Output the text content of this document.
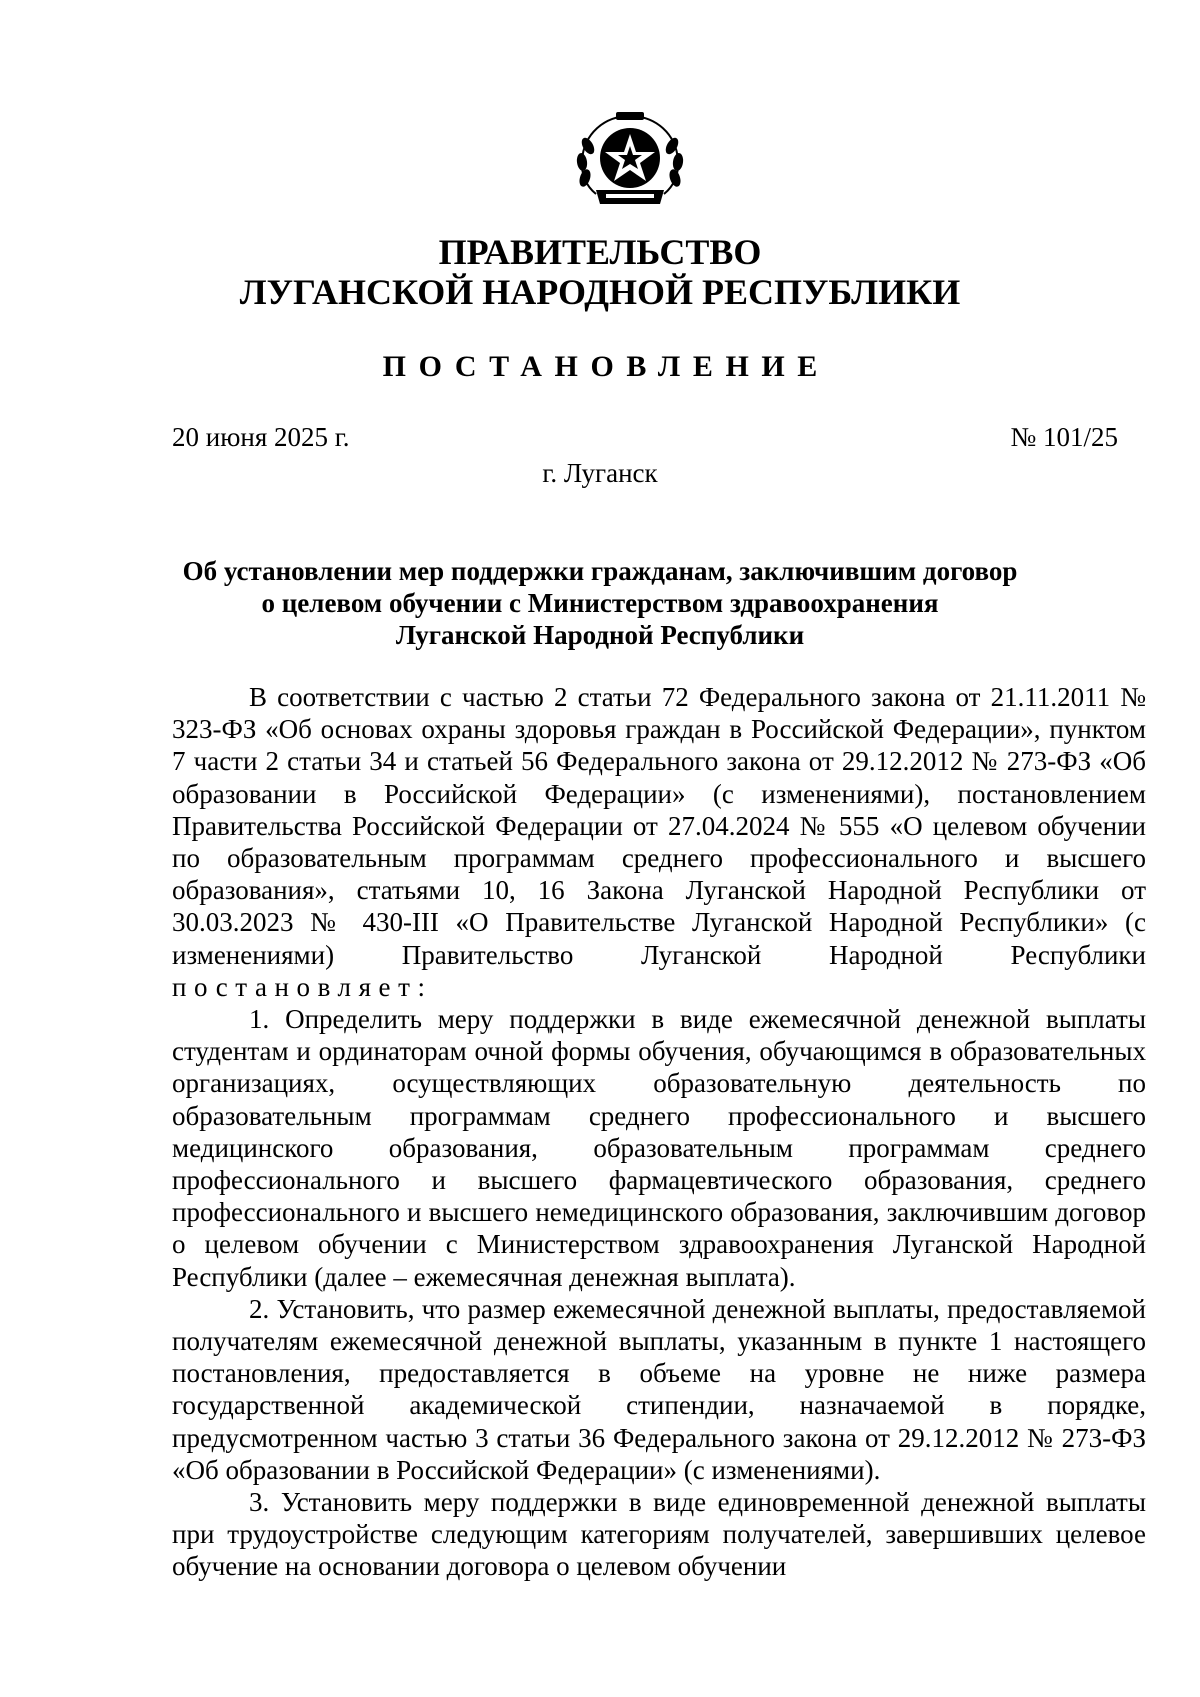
ПРАВИТЕЛЬСТВО
ЛУГАНСКОЙ НАРОДНОЙ РЕСПУБЛИКИ
ПОСТАНОВЛЕНИЕ
20 июня 2025 г.	№ 101/25
г. Луганск
Об установлении мер поддержки гражданам, заключившим договор
о целевом обучении с Министерством здравоохранения
Луганской Народной Республики

В соответствии с частью 2 статьи 72 Федерального закона от 21.11.2011 № 323-ФЗ «Об основах охраны здоровья граждан в Российской Федерации», пунктом 7 части 2 статьи 34 и статьей 56 Федерального закона от 29.12.2012 № 273-ФЗ «Об образовании в Российской Федерации» (с изменениями), постановлением Правительства Российской Федерации от 27.04.2024 № 555 «О целевом обучении по образовательным программам среднего профессионального и высшего образования», статьями 10, 16 Закона Луганской Народной Республики от 30.03.2023 № 430-III «О Правительстве Луганской Народной Республики» (с изменениями) Правительство Луганской Народной Республики постановляет:

1. Определить меру поддержки в виде ежемесячной денежной выплаты студентам и ординаторам очной формы обучения, обучающимся в образовательных организациях, осуществляющих образовательную деятельность по образовательным программам среднего профессионального и высшего медицинского образования, образовательным программам среднего профессионального и высшего фармацевтического образования, среднего профессионального и высшего немедицинского образования, заключившим договор о целевом обучении с Министерством здравоохранения Луганской Народной Республики (далее – ежемесячная денежная выплата).

2. Установить, что размер ежемесячной денежной выплаты, предоставляемой получателям ежемесячной денежной выплаты, указанным в пункте 1 настоящего постановления, предоставляется в объеме на уровне не ниже размера государственной академической стипендии, назначаемой в порядке, предусмотренном частью 3 статьи 36 Федерального закона от 29.12.2012 № 273-ФЗ «Об образовании в Российской Федерации» (с изменениями).

3. Установить меру поддержки в виде единовременной денежной выплаты при трудоустройстве следующим категориям получателей, завершивших целевое обучение на основании договора о целевом обучении
